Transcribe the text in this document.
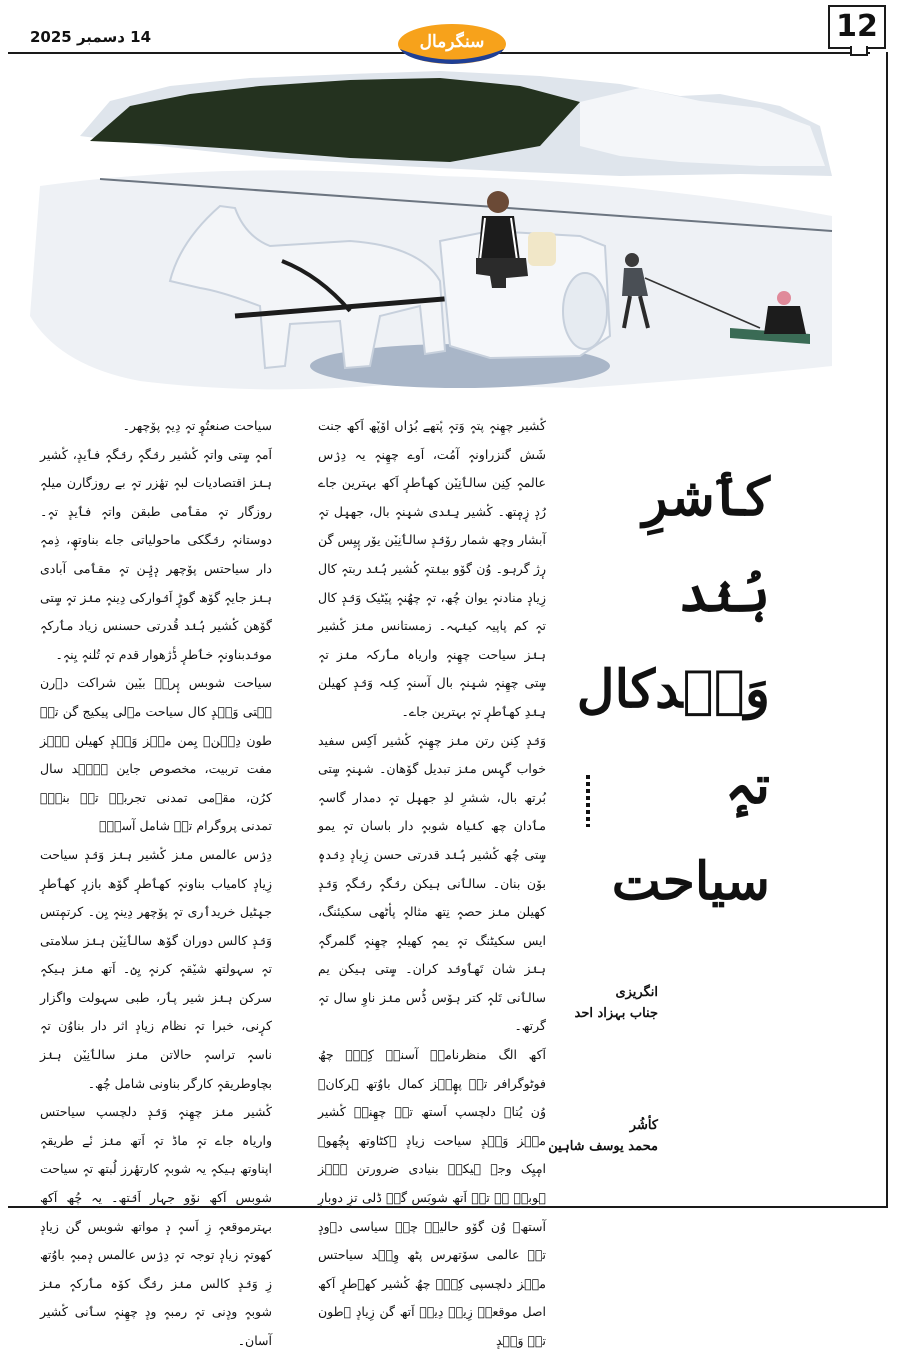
14 دسمبر 2025	سنگرمال	12

کٔشیر چھِنہٕ پتہٕ وَتہٕ پٔتھے بُرٛاں اوٚپٚھ اَکھ جنت شَش گنزراونہٕ آمُت، اَوے چھِنہٕ یہ دِرٛس عالمہٕ کِنِن سالٲنِیٚن کھٲطرٕ اَکھ بہترین جاے رُدٕ زٕمٕتھ۔ کٔشیر ہِنٛدی شیٖنہٕ بال، جھیٖل تہٕ آبشار وچھ شمار روٚنٛدٕ سالٲنِیٚن یوٚر پٕیِس گن رٕژ گرہو۔ وُن گوٚو بینٛتہٕ کٔشیر ہُنٛد ربتہٕ کال زِیادٕ منادنہٕ یوان چُھ، تہٕ چھُنہٕ پیٚٹیک وَنٛدٕ کال تہٕ کم پاپیہ کینٛہہ۔ زمستانس منٛز کٔشیر ہنٛز سیاحت چھِنہٕ واریاہ مٲرکہ منٛز تہٕ سٟتی چھِنہٕ شیٖنہٕ بال آسنہٕ کِنٛہ وَنٛدٕ کھیلن ہِنٛدِ کھٲطرٕ تہٕ بہترین جاے۔

وَنٛدٕ کِنن رتن منٛز چھِنہٕ کٔشیر اَکِس سفید خواب گہِس منٛز تبدیل گوٚھان۔ شیٖنہٕ سٟتی بُرتھ بال، ششرِ لدِ جھیٖل تہٕ دمدار گاسہٕ مٲدان چھ کنٛیاہ شوبہٕ دار باسان تہٕ یمو سٟتی چُھ کٔشیر ہُنٛد قدرتی حسن زِیادٕ دِنٛدہٕ بوٚن بنان۔ سالٲنی ہیکن رنٛگہٕ رنٛگہٕ وَنٛدٕ کھیلن منٛز حصہٕ نِتھ مثالہٕ پأٹھی سکیئنگ، ایس سکیٹنگ تہٕ یمہٕ کھیلہٕ چھِنہٕ گلمرگہٕ ہنٛز شان تَھٲونٛد کران۔ سٟتی ہیکن یم سالٲنی تَلہٕ کتر ہوٚس ڈُس منٛز ناوِ سال تہٕ گرتھ۔

اَکھ الگ منظرنامہٕ آسنہٕ کِنٛہ چھُ فوٹوگرافر تہٕ پھٕیٛز کمال باوُتھ ہرکان۔ وُن یُتاہ دلچسپ اَستھ تہٕ چھِنہٕ کٔشیر منٛز وَنٛدٕ سیاحت زیادٕ ٲکٹاوتھ بٕچُھو۔ امٕیِک وجہ ہیکہٕ بنیادی ضرورتن ہنٛز ہوبہٕ ہے تہٕ اَتھ شوبَس گنٛ ڈلی تزٕ دوبارٕ آستھ۔ وُن گوٚو حالیہٕ چہٕ سیاسی دٲودٕ تہٕ عالمی سوٚتھرس پٹھ وِنٛد سیاحتس منٛز دلچسپی کِنٛہ چھُ کٔشیر کھٲطرٕ اَکھ اصل موقعہٕ زِیہٕ دِیہٕ اَتھ گن زِیادٕ ٲطون تہٕ وَنٛدٕ

سیاحت صنعتُوٕ تہٕ دِیہٕ پوٚچھر۔

اَمہٕ سٟتی واتہٕ کٔشیر رنٛگہٕ رنٛگہٕ فٲیدٕ، کٔشیر ہنٛز اقتصادیات لبہٕ تھٔزر تہٕ بے روزگارن میلہٕ روزگار تہٕ مقٲمی طبقن واتہٕ فٲیدٕ تہٕ۔ دوستانہٕ رنٛگکی ماحولیاتی جاے بناوتھٕ، ذِمہٕ دار سیاحتس پوٚچھر دٕیِٛن تہٕ مقٲمی آبادی ہنٛز جایہٕ گوٚھ گوڑٕ اَنٛوارکی دِینہٕ منٛز تہٕ سٟتی گوٚھن کٔشیر ہُنٛد قُدرتی حسنس زیاد مٲرکہٕ مونٛدبناونہٕ خٲطرٕ ڈٔژھوار قدم تہٕ تُلنہٕ یِنہٕ۔

سیاحت شوبس پٕرنٛ بیٚین شراکت دٲرن سٟتی وَنٛدٕ کال سیاحت مٲلی پیکیج گن تہٕ طون دِیٛن۔ یِمن منٛز وَنٛدٕ کھیلن ہنٛز مفت تربیت، مخصوص جاین ہِنٛد سال کرُن، مقٲمی تمدنی تجربہٕ تہٕ بنیٛہ تمدنی پروگرام تہٕ شامل آسنٛ۔

دِرٛس عالمس منٛز کٔشیر ہنٛز وَنٛدٕ سیاحت زِیادٕ کامیاب بناونہٕ کھٲطرٕ گوٚھ بازرٕ کھٲطرٕ جیٖٹیل خریدٲری تہٕ پوٚچھر دِینہٕ یِن۔ کرتمٕتس وَنٛدٕ کالس دوران گوٚھ سالٲنِیٚن ہنٛز سلامتی تہٕ سہولتھ شیٚقہٕ کرنہٕ یِنٛ۔ اَتھ منٛز ہیکہٕ سرکن ہنٛز شیر پٲر، طبی سہولت واگزار کرٕنی، خبرا تہٕ نظام زیادٕ اثر دار بناوُن تہٕ ناسہٕ تراسہٕ حالاتن منٛز سالٲنِیٚن ہنٛز بچاوطریقہٕ کارگر بناونی شامل چُھ۔

کٔشیر منٛز چھِنہٕ وَنٛدٕ دلچسپ سیاحتس واریاہ جاے تہٕ ماڈ تہٕ اَتھ منٛز نٔے طریقہٕ اپناوتھ ہیکہٕ یہ شوبہٕ کارتھٔرز لُبتھ تہٕ سیاحت شوبس اَکھ نوٚو جہار اَنٛتھ۔ یہ چُھ اَکھ بہترموقعہٕ زِ اَسہٕ دٕ مواتھ شوبس گن زیادٕ کھوتہٕ زیادٕ توجہ تہٕ دِرٛس عالمس دٕمبہٕ باوُتھ زِ وَنٛدٕ کالس منٛز رنٛگ کوٚہ مٲرکہٕ منٛز شوبہٕ ودٕنی تہٕ رمبہٕ ودٕ چھِنہٕ سٲنی کٔشیر آسان۔

کٲشرِ
ہُنٛد
وَنٛدکال
تہٕ
سیاحت
انگریزی
جناب بہزاد احد
کأشُر
محمد یوسف شاہین
